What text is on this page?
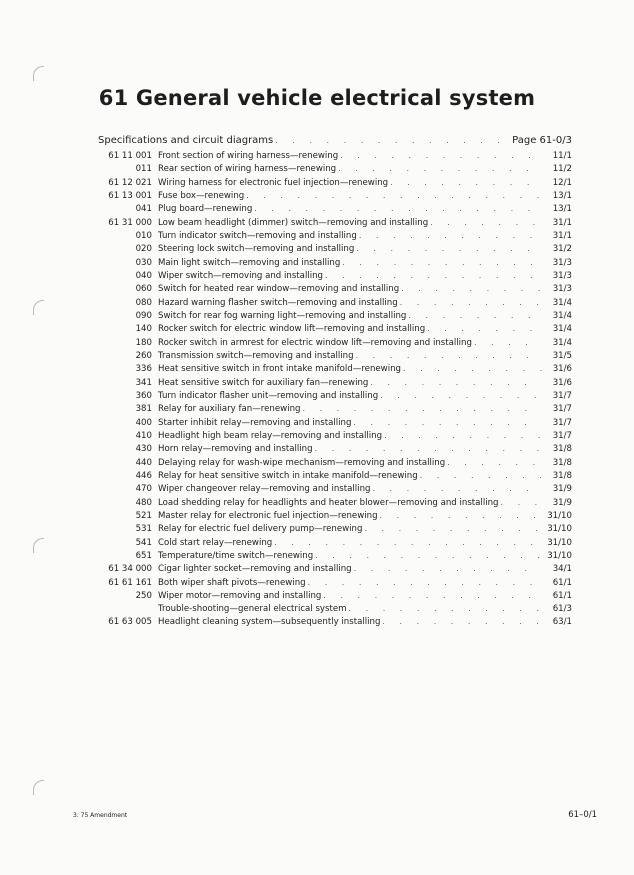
61 General vehicle electrical system
Specifications and circuit diagrams . . .	Page 61-0/3
61 11 001 Front section of wiring harness—renewing . . .	11/1
011 Rear section of wiring harness—renewing . . .	11/2
61 12 021 Wiring harness for electronic fuel injection—renewing . . .	12/1
61 13 001 Fuse box—renewing . . .	13/1
041 Plug board—renewing . . .	13/1
61 31 000 Low beam headlight (dimmer) switch—removing and installing . . .	31/1
010 Turn indicator switch—removing and installing . . .	31/1
020 Steering lock switch—removing and installing . . .	31/2
030 Main light switch—removing and installing . . .	31/3
040 Wiper switch—removing and installing . . .	31/3
060 Switch for heated rear window—removing and installing . . .	31/3
080 Hazard warning flasher switch—removing and installing . . .	31/4
090 Switch for rear fog warning light—removing and installing . . .	31/4
140 Rocker switch for electric window lift—removing and installing . . .	31/4
180 Rocker switch in armrest for electric window lift—removing and installing . . .	31/4
260 Transmission switch—removing and installing . . .	31/5
336 Heat sensitive switch in front intake manifold—renewing . . .	31/6
341 Heat sensitive switch for auxiliary fan—renewing . . .	31/6
360 Turn indicator flasher unit—removing and installing . . .	31/7
381 Relay for auxiliary fan—renewing . . .	31/7
400 Starter inhibit relay—removing and installing . . .	31/7
410 Headlight high beam relay—removing and installing . . .	31/7
430 Horn relay—removing and installing . . .	31/8
440 Delaying relay for wash-wipe mechanism—removing and installing . . .	31/8
446 Relay for heat sensitive switch in intake manifold—renewing . . .	31/8
470 Wiper changeover relay—removing and installing . . .	31/9
480 Load shedding relay for headlights and heater blower—removing and installing . . .	31/9
521 Master relay for electronic fuel injection—renewing . . .	31/10
531 Relay for electric fuel delivery pump—renewing . . .	31/10
541 Cold start relay—renewing . . .	31/10
651 Temperature/time switch—renewing . . .	31/10
61 34 000 Cigar lighter socket—removing and installing . . .	34/1
61 61 161 Both wiper shaft pivots—renewing . . .	61/1
250 Wiper motor—removing and installing . . .	61/1
Trouble-shooting—general electrical system . . .	61/3
61 63 005 Headlight cleaning system—subsequently installing . . .	63/1
3. 75 Amendment	61–0/1
